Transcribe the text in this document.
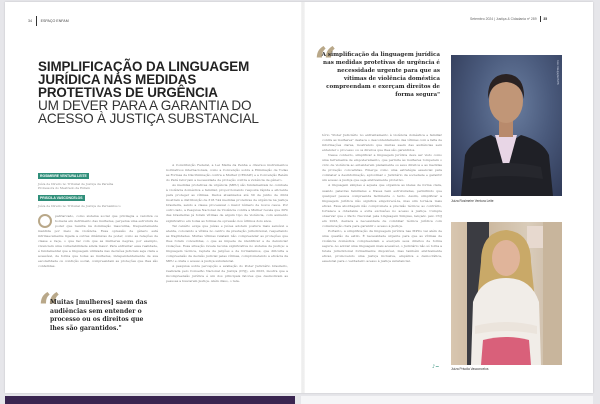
34 ESPAÇO ENFAM	Setembro 2024 | Justiça & Cidadania nº 289 35
SIMPLIFICAÇÃO DA LINGUAGEM
JURÍDICA NAS MEDIDAS
PROTETIVAS DE URGÊNCIA
UM DEVER PARA A GARANTIA DO
ACESSO À JUSTIÇA SUBSTANCIAL
ROSIMEIRE VENTURA LEITE
Juíza de Direito no Tribunal de Justiça da Paraíba
Professora do Mestrado da Enfam
PRISCILA VASCONCELOS
Juíza de Direito no Tribunal de Justiça de Pernambuco

patriarcado, como sistema social que privilegia e valoriza os homens em detrimento das mulheres, perpetua uma estrutura de poder que resulta na dominação masculina, frequentemente mantida por meio da violência. Essa opressão de gênero está intrinsecamente ligada a outras dinâmicas de poder, como as relações de classe e raça, o que faz com que as mulheres negras, por exemplo, vivenciem uma vulnerabilidade ainda maior. Para enfrentar essa realidade, é fundamental que a linguagem utilizada nas decisões judiciais seja clara e acessível, de forma que todas as mulheres, independentemente de sua escolaridade ou condição social, compreendam as proteções que lhes são conferidas.

“
Muitas [mulheres] saem das audiências sem entender o processo ou os direitos que lhes são garantidos."

A Constituição Federal, a Lei Maria da Penha e diversos instrumentos normativos internacionais, como a Convenção sobre a Eliminação de Todas as Formas de Discriminação contra a Mulher (CEDAW) e a Convenção Belém do Pará reforçam a necessidade de proteção contra a violência de gênero.

As medidas protetivas de urgência (MPU) são fundamentais no combate à violência doméstica e familiar, proporcionando resposta rápida e eficiente para proteger as vítimas. Dados atualizados até 30 de junho de 2024 mostram a distribuição de 318.744 medidas protetivas de urgência na justiça brasileira, sendo a classe processual o maior número de novos casos. Por outro lado, a Pesquisa Nacional de Violência contra a Mulher revela que 30% das brasileiras já foram vítimas de algum tipo de violência, com aumento significativo em todas as formas de opressão nos últimos dois anos.

Tal cenário exige que juízas e juízes adotem postura mais sensível e atenta, colocando a vítima no centro da prestação jurisdicional, respeitando as fragilidades. Muitas vítimas relatam não compreender as proteções que lhes foram concedidas, o que as impede de identificar e de denunciar violações. Essa situação revela lacuna significativa no sistema de justiça: a linguagem técnica, repleta de jargões e de formalismos, que dificulta a compreensão da decisão judicial pelas vítimas, comprometendo a eficácia da MPU e obsta o acesso à justiça substancial.

A pesquisa sobre percepção e avaliação do Poder Judiciário brasileiro, realizada pelo Conselho Nacional de Justiça (CNJ), em 2023, mostra que a incompreensão jurídica é um dos principais fatores que desmotivam as pessoas a buscarem justiça. Além disso, o rela-

“
A simplificação da linguagem jurídica nas medidas protetivas de urgência é necessidade urgente para que as vítimas de violência doméstica compreendam e exerçam direitos de forma segura"

tório "Poder Judiciário no enfrentamento à violência doméstica e familiar contra as mulheres" destaca o descontentamento das vítimas com a falta de informações claras, mostrando que muitas saem das audiências sem entender o processo ou os direitos que lhes são garantidos.

Nesse contexto, simplificar a linguagem jurídica deve ser visto como uma ferramenta de empoderamento, que permite às mulheres romperem o ciclo de violência ao entenderem plenamente os seus direitos e as medidas de proteção concedidas. Emerge como uma estratégia essencial para combater a desinformação, aproximar o Judiciário da sociedade e garantir um acesso à justiça que seja efetivamente protetivo.

A linguagem simples é aquela que organiza as ideias de forma clara, usando palavras familiares e frases bem estruturadas, permitindo que qualquer pessoa compreenda facilmente o texto. Assim, simplificar a linguagem jurídica não significa empobrecê-la, mas sim torná-la mais eficaz. Essa abordagem não compromete a precisão técnica; ao contrário, fortalece a cidadania e evita exclusões no acesso à justiça. Cumpre observar que o Pacto Nacional pela Linguagem Simples, lançado pelo CNJ em 2023, destaca a necessidade de combinar técnica jurídica com comunicação clara para garantir o acesso à justiça.

Portanto, a simplificação da linguagem jurídica nas MPUs vai além de uma questão de estilo. É necessidade urgente para que as vítimas de violência doméstica compreendam e exerçam seus direitos de forma segura. Ao adotar uma linguagem mais acessível, o Judiciário não só torna a tutela jurisdicional formalmente disponível, mas também efetivamente eficaz, promovendo uma justiça inclusiva, empática e democrática, essencial para o verdadeiro acesso à justiça substancial.

♪~
Foto: Divulgação/TJPB
Juíza Rosimeire Ventura Leite
Juíza Priscila Vasconcelos
